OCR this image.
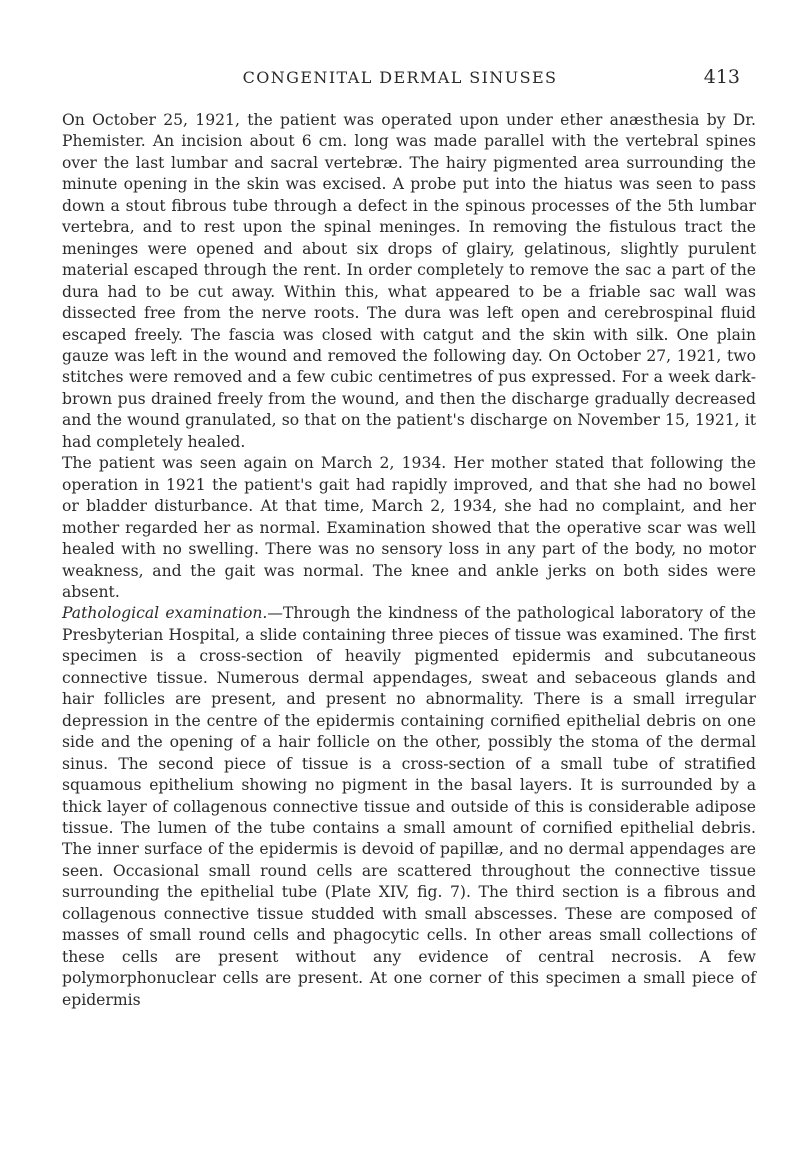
CONGENITAL DERMAL SINUSES	413

On October 25, 1921, the patient was operated upon under ether anæsthesia by Dr. Phemister. An incision about 6 cm. long was made parallel with the vertebral spines over the last lumbar and sacral vertebræ. The hairy pigmented area surrounding the minute opening in the skin was excised. A probe put into the hiatus was seen to pass down a stout fibrous tube through a defect in the spinous processes of the 5th lumbar vertebra, and to rest upon the spinal meninges. In removing the fistulous tract the meninges were opened and about six drops of glairy, gelatinous, slightly purulent material escaped through the rent. In order completely to remove the sac a part of the dura had to be cut away. Within this, what appeared to be a friable sac wall was dissected free from the nerve roots. The dura was left open and cerebrospinal fluid escaped freely. The fascia was closed with catgut and the skin with silk. One plain gauze was left in the wound and removed the following day. On October 27, 1921, two stitches were removed and a few cubic centimetres of pus expressed. For a week dark-brown pus drained freely from the wound, and then the discharge gradually decreased and the wound granulated, so that on the patient's discharge on November 15, 1921, it had completely healed.

The patient was seen again on March 2, 1934. Her mother stated that following the operation in 1921 the patient's gait had rapidly improved, and that she had no bowel or bladder disturbance. At that time, March 2, 1934, she had no complaint, and her mother regarded her as normal. Examination showed that the operative scar was well healed with no swelling. There was no sensory loss in any part of the body, no motor weakness, and the gait was normal. The knee and ankle jerks on both sides were absent.

Pathological examination.—Through the kindness of the pathological laboratory of the Presbyterian Hospital, a slide containing three pieces of tissue was examined. The first specimen is a cross-section of heavily pigmented epidermis and subcutaneous connective tissue. Numerous dermal appendages, sweat and sebaceous glands and hair follicles are present, and present no abnormality. There is a small irregular depression in the centre of the epidermis containing cornified epithelial debris on one side and the opening of a hair follicle on the other, possibly the stoma of the dermal sinus. The second piece of tissue is a cross-section of a small tube of stratified squamous epithelium showing no pigment in the basal layers. It is surrounded by a thick layer of collagenous connective tissue and outside of this is considerable adipose tissue. The lumen of the tube contains a small amount of cornified epithelial debris. The inner surface of the epidermis is devoid of papillæ, and no dermal appendages are seen. Occasional small round cells are scattered throughout the connective tissue surrounding the epithelial tube (Plate XIV, fig. 7). The third section is a fibrous and collagenous connective tissue studded with small abscesses. These are composed of masses of small round cells and phagocytic cells. In other areas small collections of these cells are present without any evidence of central necrosis. A few polymorphonuclear cells are present. At one corner of this specimen a small piece of epidermis
